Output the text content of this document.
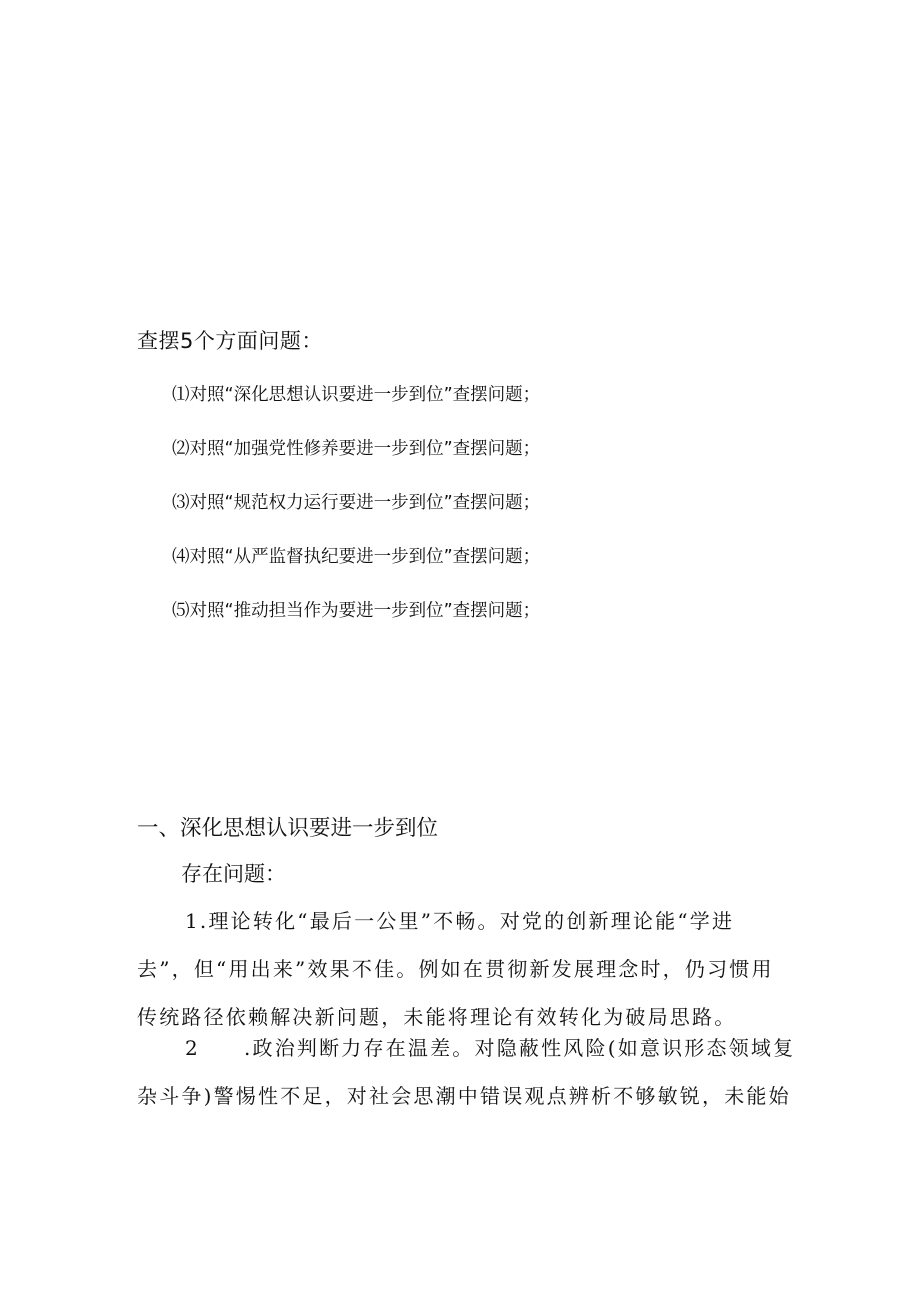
查摆5个方面问题：
⑴对照“深化思想认识要进一步到位”查摆问题；
⑵对照“加强党性修养要进一步到位”查摆问题；
⑶对照“规范权力运行要进一步到位”查摆问题；
⑷对照“从严监督执纪要进一步到位”查摆问题；
⑸对照“推动担当作为要进一步到位”查摆问题；
一、深化思想认识要进一步到位
存在问题：
1.理论转化“最后一公里”不畅。对党的创新理论能“学进
去”，但“用出来”效果不佳。例如在贯彻新发展理念时，仍习惯用
传统路径依赖解决新问题，未能将理论有效转化为破局思路。
2 .政治判断力存在温差。对隐蔽性风险(如意识形态领域复
杂斗争)警惕性不足，对社会思潮中错误观点辨析不够敏锐，未能始
